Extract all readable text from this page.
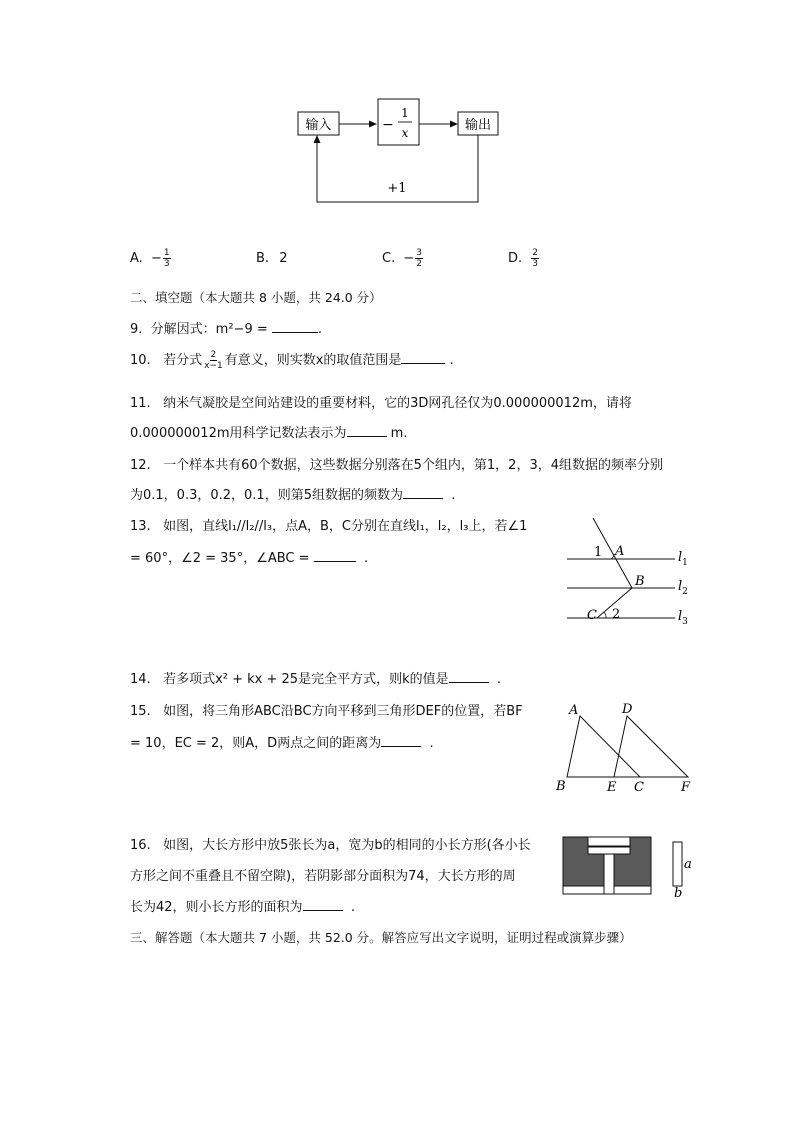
输入	−
1
x	输出
+1
A. − $\frac{1}{3}$	B. 2	C. − $\frac{3}{2}$	D. $\frac{2}{3}$
二、填空题（本大题共 8 小题，共 24.0 分）
9. 分解因式：m²−9 =	.
10. 若分式 $\frac{2}{x-1}$ 有意义，则实数x的取值范围是	.
11. 纳米气凝胶是空间站建设的重要材料，它的3D网孔径仅为0.000000012m，请将
0.000000012m用科学记数法表示为	m.
12. 一个样本共有60个数据，这些数据分别落在5个组内，第1，2，3，4组数据的频率分别
为0.1，0.3，0.2，0.1，则第5组数据的频数为	.
13. 如图，直线l₁//l₂//l₃，点A，B，C分别在直线l₁，l₂，l₃上，若∠1
= 60°，∠2 = 35°，∠ABC =	.	1 A
B
C 2
$l_1$
$l_2$
$l_3$
14. 若多项式x² + kx + 25是完全平方式，则k的值是	.
15. 如图，将三角形ABC沿BC方向平移到三角形DEF的位置，若BF
= 10，EC = 2，则A，D两点之间的距离为	.
A	D
B	E C	F
16. 如图，大长方形中放5张长为a，宽为b的相同的小长方形(各小长
方形之间不重叠且不留空隙)，若阴影部分面积为74，大长方形的周
长为42，则小长方形的面积为	.
a
b
三、解答题（本大题共 7 小题，共 52.0 分。解答应写出文字说明，证明过程或演算步骤）
